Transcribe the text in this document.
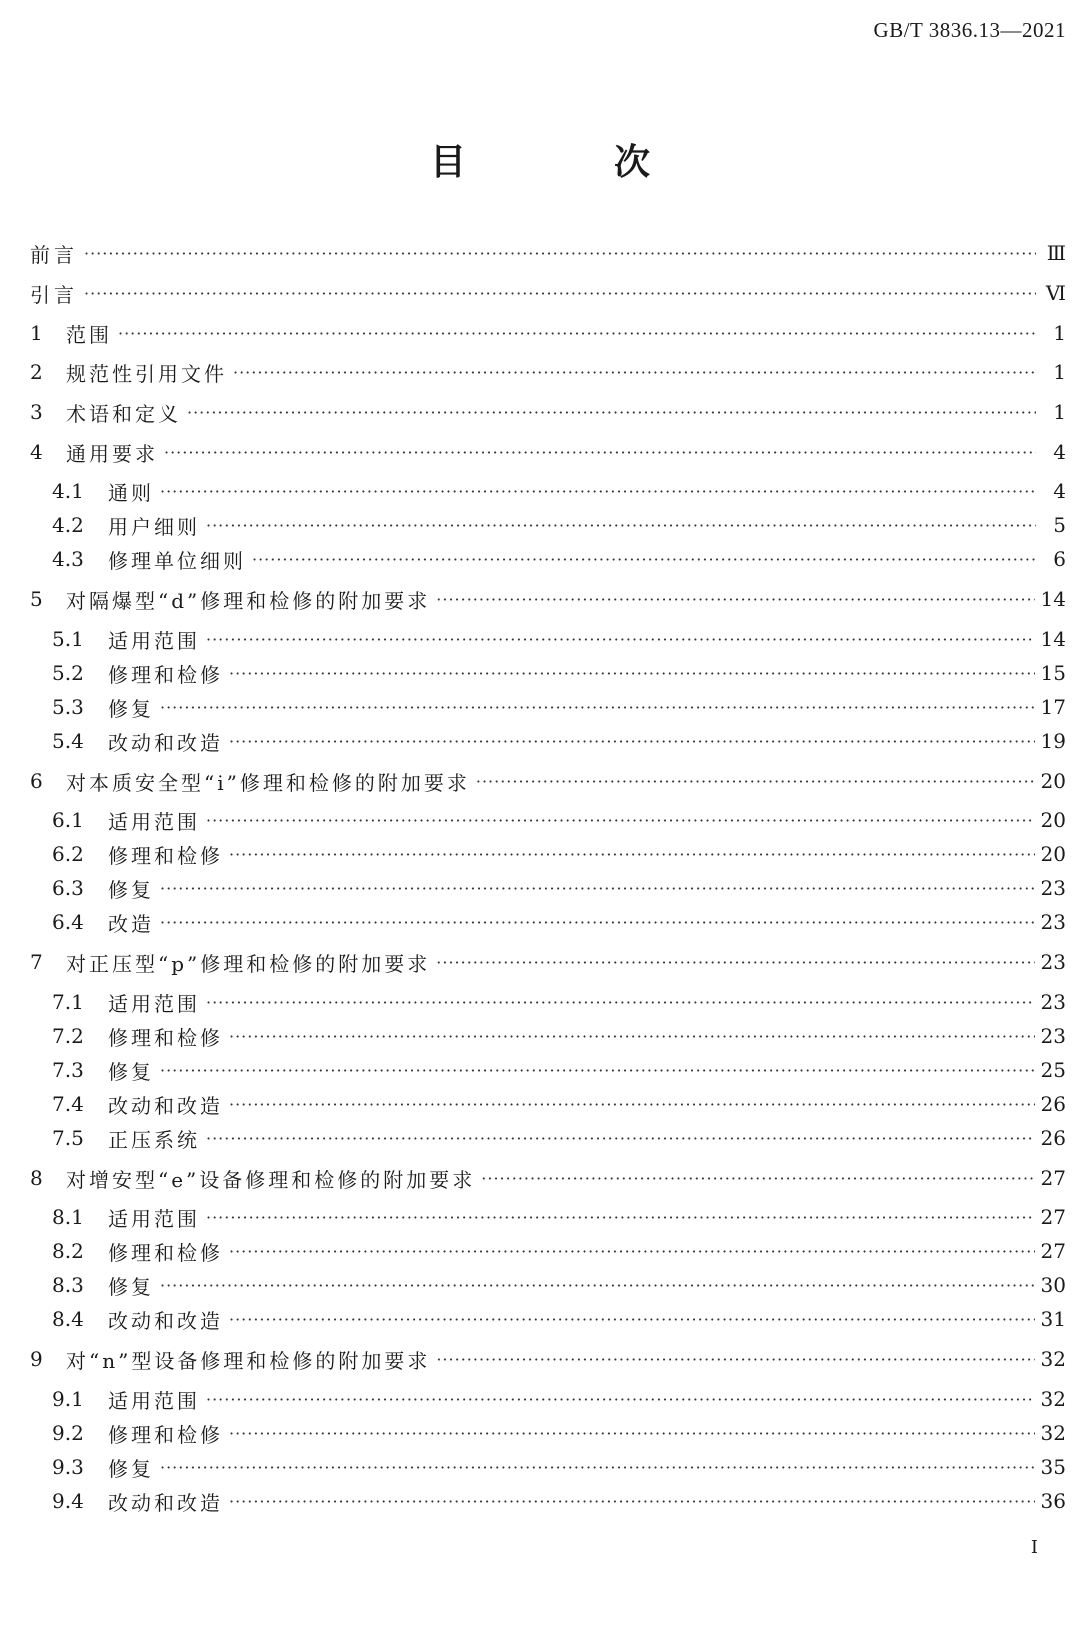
GB/T 3836.13—2021
目　次
前言 ·····	Ⅲ
引言 ·····	Ⅵ
1	范围 ·····	1
2	规范性引用文件 ·····	1
3	术语和定义 ·····	1
4	通用要求 ·····	4
4.1	通则 ·····	4
4.2	用户细则 ·····	5
4.3	修理单位细则 ·····	6
5	对隔爆型“d”修理和检修的附加要求 ·····	14
5.1	适用范围 ·····	14
5.2	修理和检修 ·····	15
5.3	修复 ·····	17
5.4	改动和改造 ·····	19
6	对本质安全型“i”修理和检修的附加要求 ·····	20
6.1	适用范围 ·····	20
6.2	修理和检修 ·····	20
6.3	修复 ·····	23
6.4	改造 ·····	23
7	对正压型“p”修理和检修的附加要求 ·····	23
7.1	适用范围 ·····	23
7.2	修理和检修 ·····	23
7.3	修复 ·····	25
7.4	改动和改造 ·····	26
7.5	正压系统 ·····	26
8	对增安型“e”设备修理和检修的附加要求 ·····	27
8.1	适用范围 ·····	27
8.2	修理和检修 ·····	27
8.3	修复 ·····	30
8.4	改动和改造 ·····	31
9	对“n”型设备修理和检修的附加要求 ·····	32
9.1	适用范围 ·····	32
9.2	修理和检修 ·····	32
9.3	修复 ·····	35
9.4	改动和改造 ·····	36
Ⅰ
